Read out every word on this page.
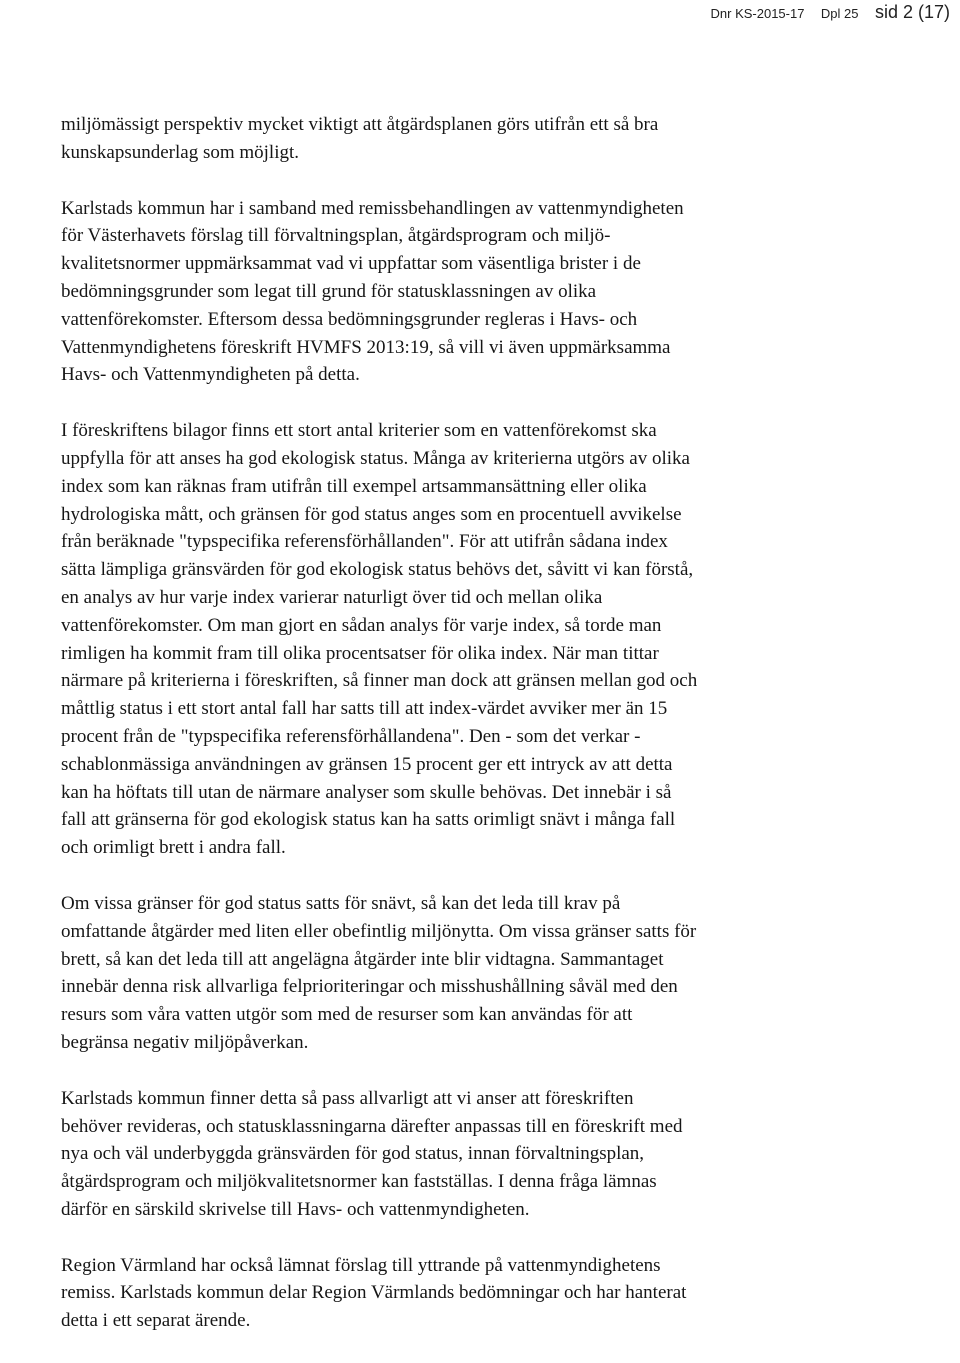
Dnr KS-2015-17 Dpl 25 sid 2 (17)
miljömässigt perspektiv mycket viktigt att åtgärdsplanen görs utifrån ett så bra
kunskapsunderlag som möjligt.
Karlstads kommun har i samband med remissbehandlingen av vattenmyndigheten
för Västerhavets förslag till förvaltningsplan, åtgärdsprogram och miljö-
kvalitetsnormer uppmärksammat vad vi uppfattar som väsentliga brister i de
bedömningsgrunder som legat till grund för statusklassningen av olika
vattenförekomster. Eftersom dessa bedömningsgrunder regleras i Havs- och
Vattenmyndighetens föreskrift HVMFS 2013:19, så vill vi även uppmärksamma
Havs- och Vattenmyndigheten på detta.
I föreskriftens bilagor finns ett stort antal kriterier som en vattenförekomst ska
uppfylla för att anses ha god ekologisk status. Många av kriterierna utgörs av olika
index som kan räknas fram utifrån till exempel artsammansättning eller olika
hydrologiska mått, och gränsen för god status anges som en procentuell avvikelse
från beräknade "typspecifika referensförhållanden". För att utifrån sådana index
sätta lämpliga gränsvärden för god ekologisk status behövs det, såvitt vi kan förstå,
en analys av hur varje index varierar naturligt över tid och mellan olika
vattenförekomster. Om man gjort en sådan analys för varje index, så torde man
rimligen ha kommit fram till olika procentsatser för olika index. När man tittar
närmare på kriterierna i föreskriften, så finner man dock att gränsen mellan god och
måttlig status i ett stort antal fall har satts till att index-värdet avviker mer än 15
procent från de "typspecifika referensförhållandena". Den - som det verkar -
schablonmässiga användningen av gränsen 15 procent ger ett intryck av att detta
kan ha höftats till utan de närmare analyser som skulle behövas. Det innebär i så
fall att gränserna för god ekologisk status kan ha satts orimligt snävt i många fall
och orimligt brett i andra fall.
Om vissa gränser för god status satts för snävt, så kan det leda till krav på
omfattande åtgärder med liten eller obefintlig miljönytta. Om vissa gränser satts för
brett, så kan det leda till att angelägna åtgärder inte blir vidtagna. Sammantaget
innebär denna risk allvarliga felprioriteringar och misshushållning såväl med den
resurs som våra vatten utgör som med de resurser som kan användas för att
begränsa negativ miljöpåverkan.
Karlstads kommun finner detta så pass allvarligt att vi anser att föreskriften
behöver revideras, och statusklassningarna därefter anpassas till en föreskrift med
nya och väl underbyggda gränsvärden för god status, innan förvaltningsplan,
åtgärdsprogram och miljökvalitetsnormer kan fastställas. I denna fråga lämnas
därför en särskild skrivelse till Havs- och vattenmyndigheten.
Region Värmland har också lämnat förslag till yttrande på vattenmyndighetens
remiss. Karlstads kommun delar Region Värmlands bedömningar och har hanterat
detta i ett separat ärende.
